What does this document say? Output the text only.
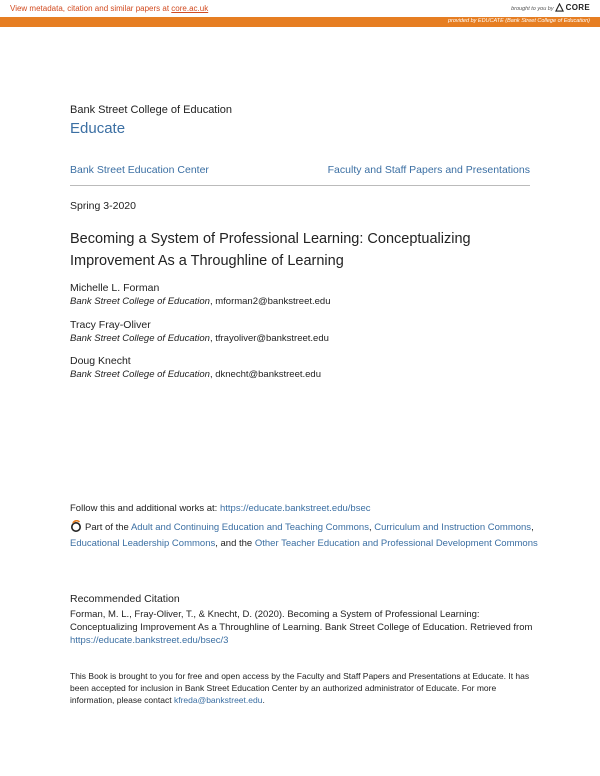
View metadata, citation and similar papers at core.ac.uk	brought to you by CORE
provided by EDUCATE (Bank Street College of Education)
Bank Street College of Education
Educate
Bank Street Education Center	Faculty and Staff Papers and Presentations
Spring 3-2020
Becoming a System of Professional Learning: Conceptualizing Improvement As a Throughline of Learning
Michelle L. Forman
Bank Street College of Education, mforman2@bankstreet.edu
Tracy Fray-Oliver
Bank Street College of Education, tfrayoliver@bankstreet.edu
Doug Knecht
Bank Street College of Education, dknecht@bankstreet.edu
Follow this and additional works at: https://educate.bankstreet.edu/bsec
Part of the Adult and Continuing Education and Teaching Commons, Curriculum and Instruction Commons, Educational Leadership Commons, and the Other Teacher Education and Professional Development Commons
Recommended Citation
Forman, M. L., Fray-Oliver, T., & Knecht, D. (2020). Becoming a System of Professional Learning: Conceptualizing Improvement As a Throughline of Learning. Bank Street College of Education. Retrieved from https://educate.bankstreet.edu/bsec/3
This Book is brought to you for free and open access by the Faculty and Staff Papers and Presentations at Educate. It has been accepted for inclusion in Bank Street Education Center by an authorized administrator of Educate. For more information, please contact kfreda@bankstreet.edu.
